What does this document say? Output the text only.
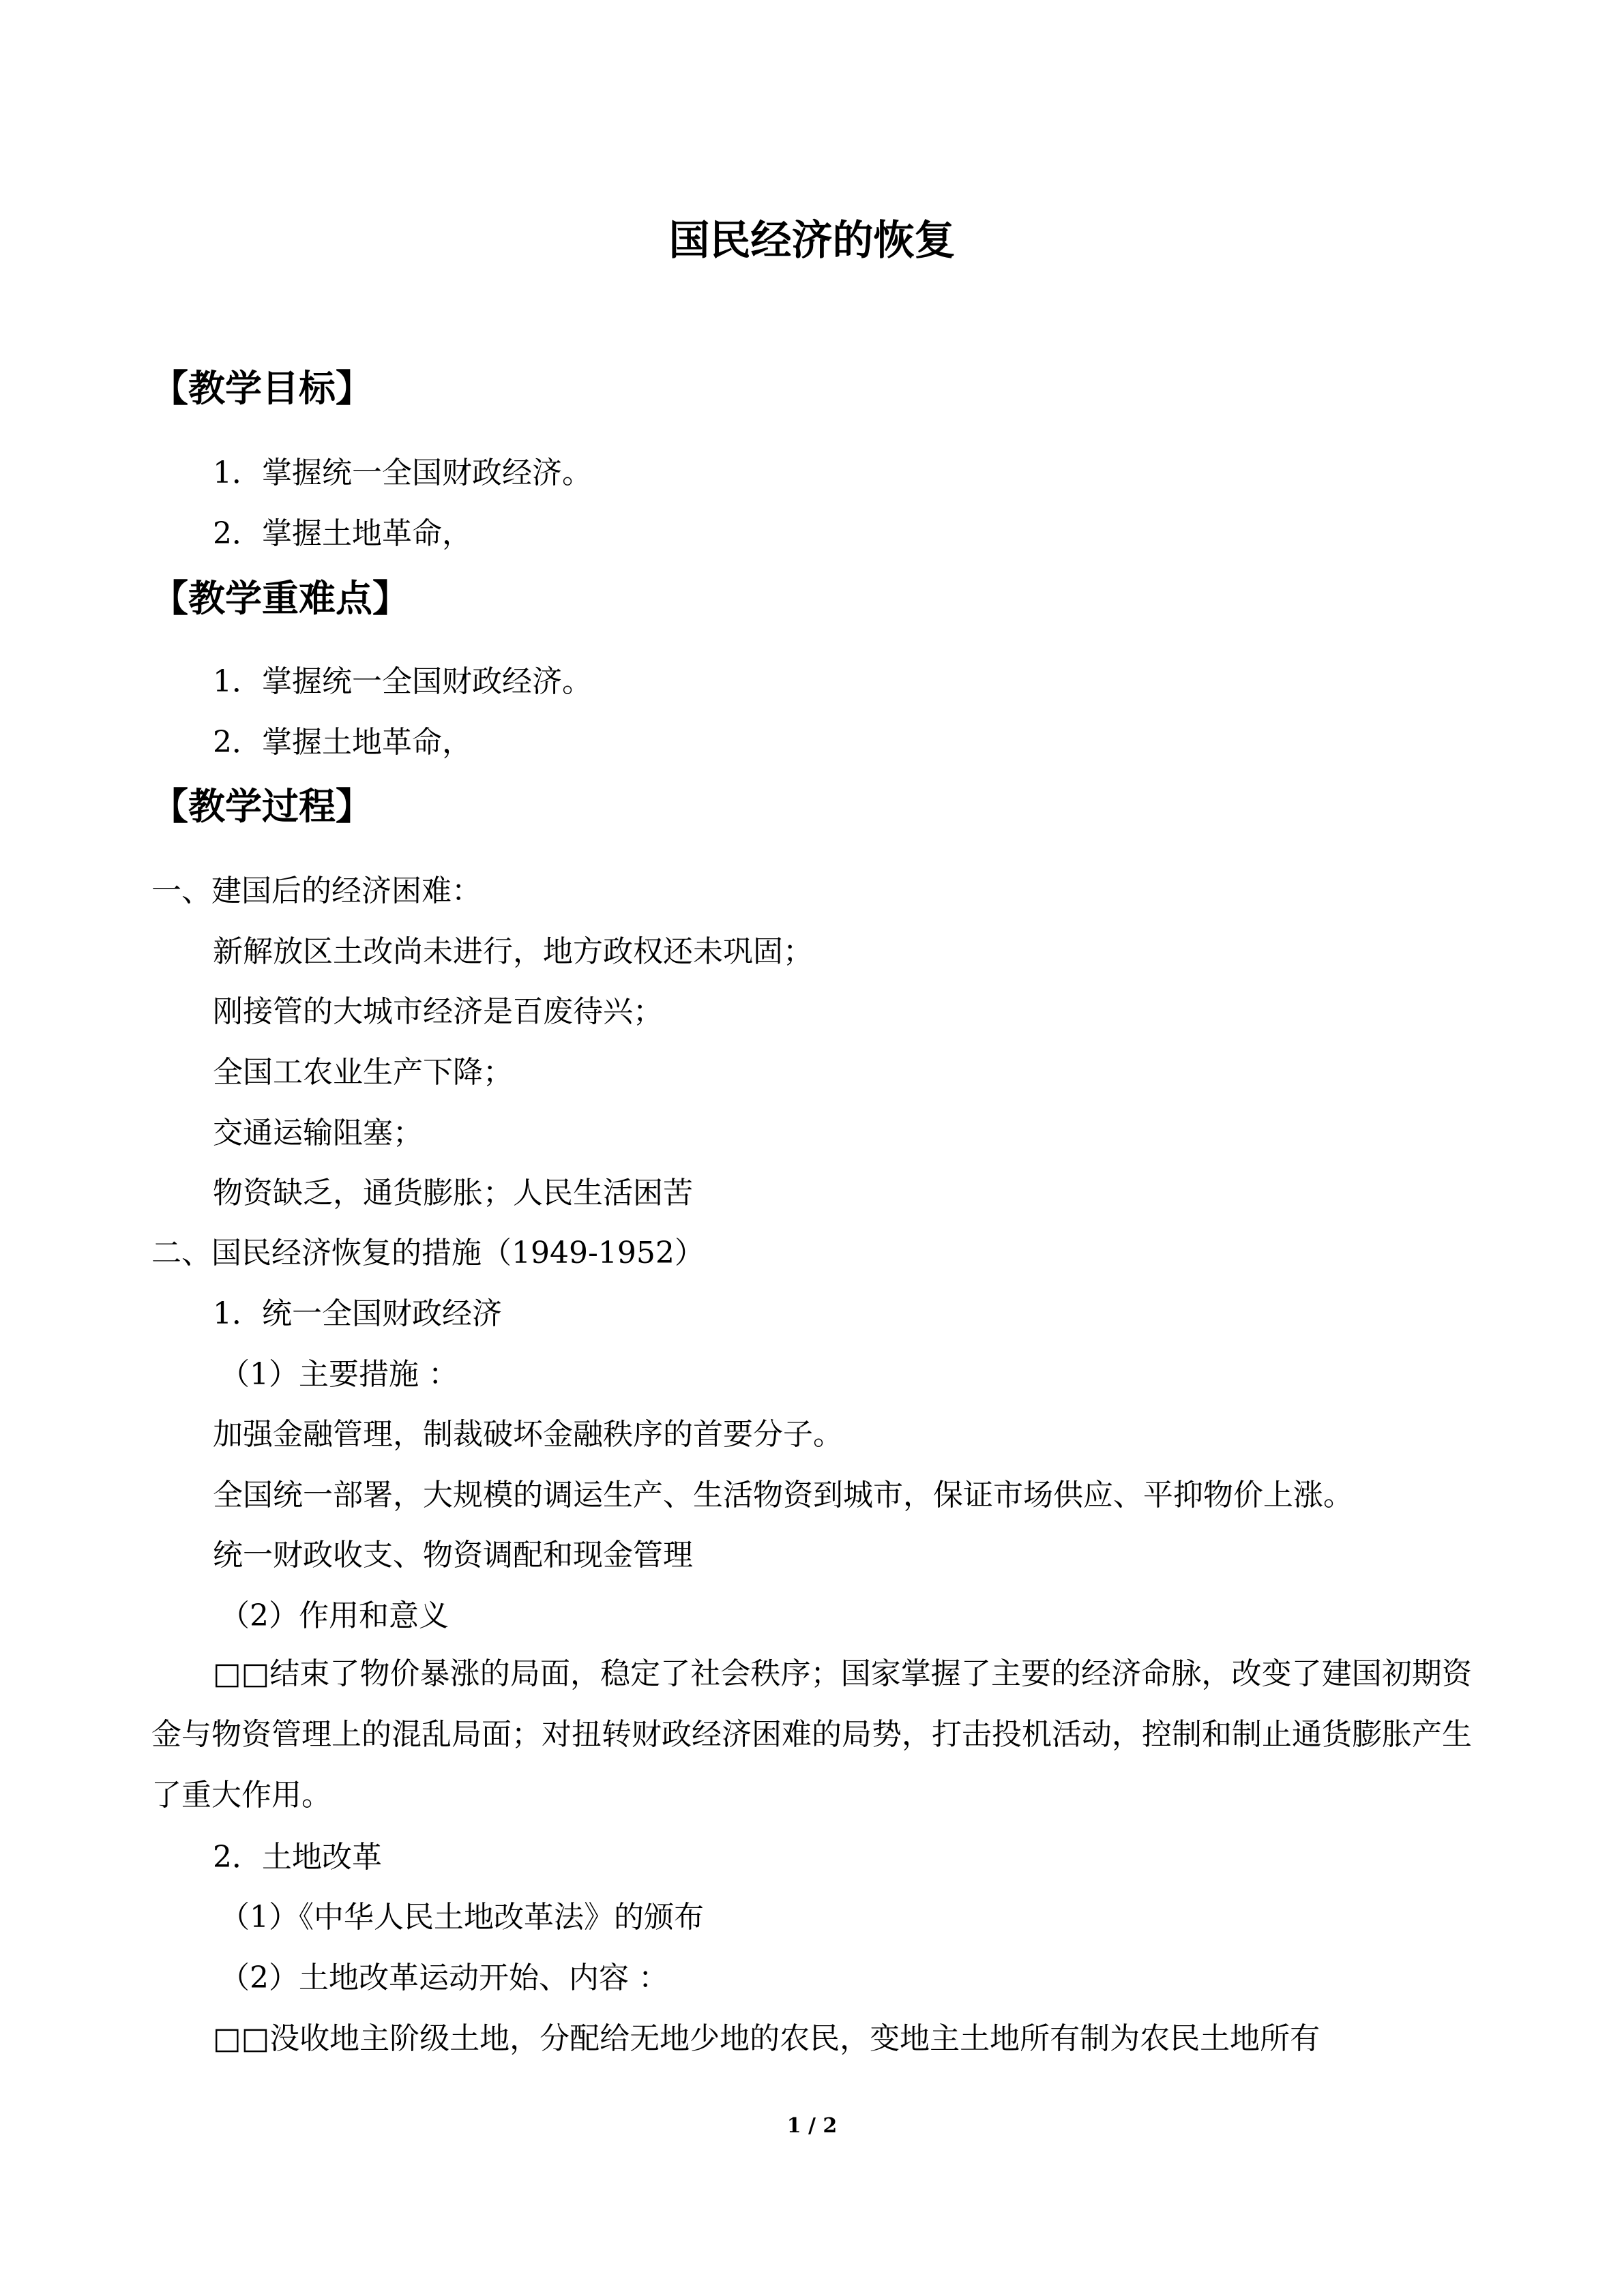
国民经济的恢复
【教学目标】
1．掌握统一全国财政经济。
2．掌握土地革命，
【教学重难点】
1．掌握统一全国财政经济。
2．掌握土地革命，
【教学过程】
一、建国后的经济困难：
新解放区土改尚未进行，地方政权还未巩固；
刚接管的大城市经济是百废待兴；
全国工农业生产下降；
交通运输阻塞；
物资缺乏，通货膨胀；人民生活困苦
二、国民经济恢复的措施（1949-1952）
1．统一全国财政经济
（1）主要措施 ：
加强金融管理，制裁破坏金融秩序的首要分子。
全国统一部署，大规模的调运生产、生活物资到城市，保证市场供应、平抑物价上涨。
统一财政收支、物资调配和现金管理
（2）作用和意义
□□结束了物价暴涨的局面，稳定了社会秩序；国家掌握了主要的经济命脉，改变了建国初期资金与物资管理上的混乱局面；对扭转财政经济困难的局势，打击投机活动，控制和制止通货膨胀产生了重大作用。
2．土地改革
（1）《中华人民土地改革法》的颁布
（2）土地改革运动开始、内容 ：
□□没收地主阶级土地，分配给无地少地的农民，变地主土地所有制为农民土地所有
1 / 2
